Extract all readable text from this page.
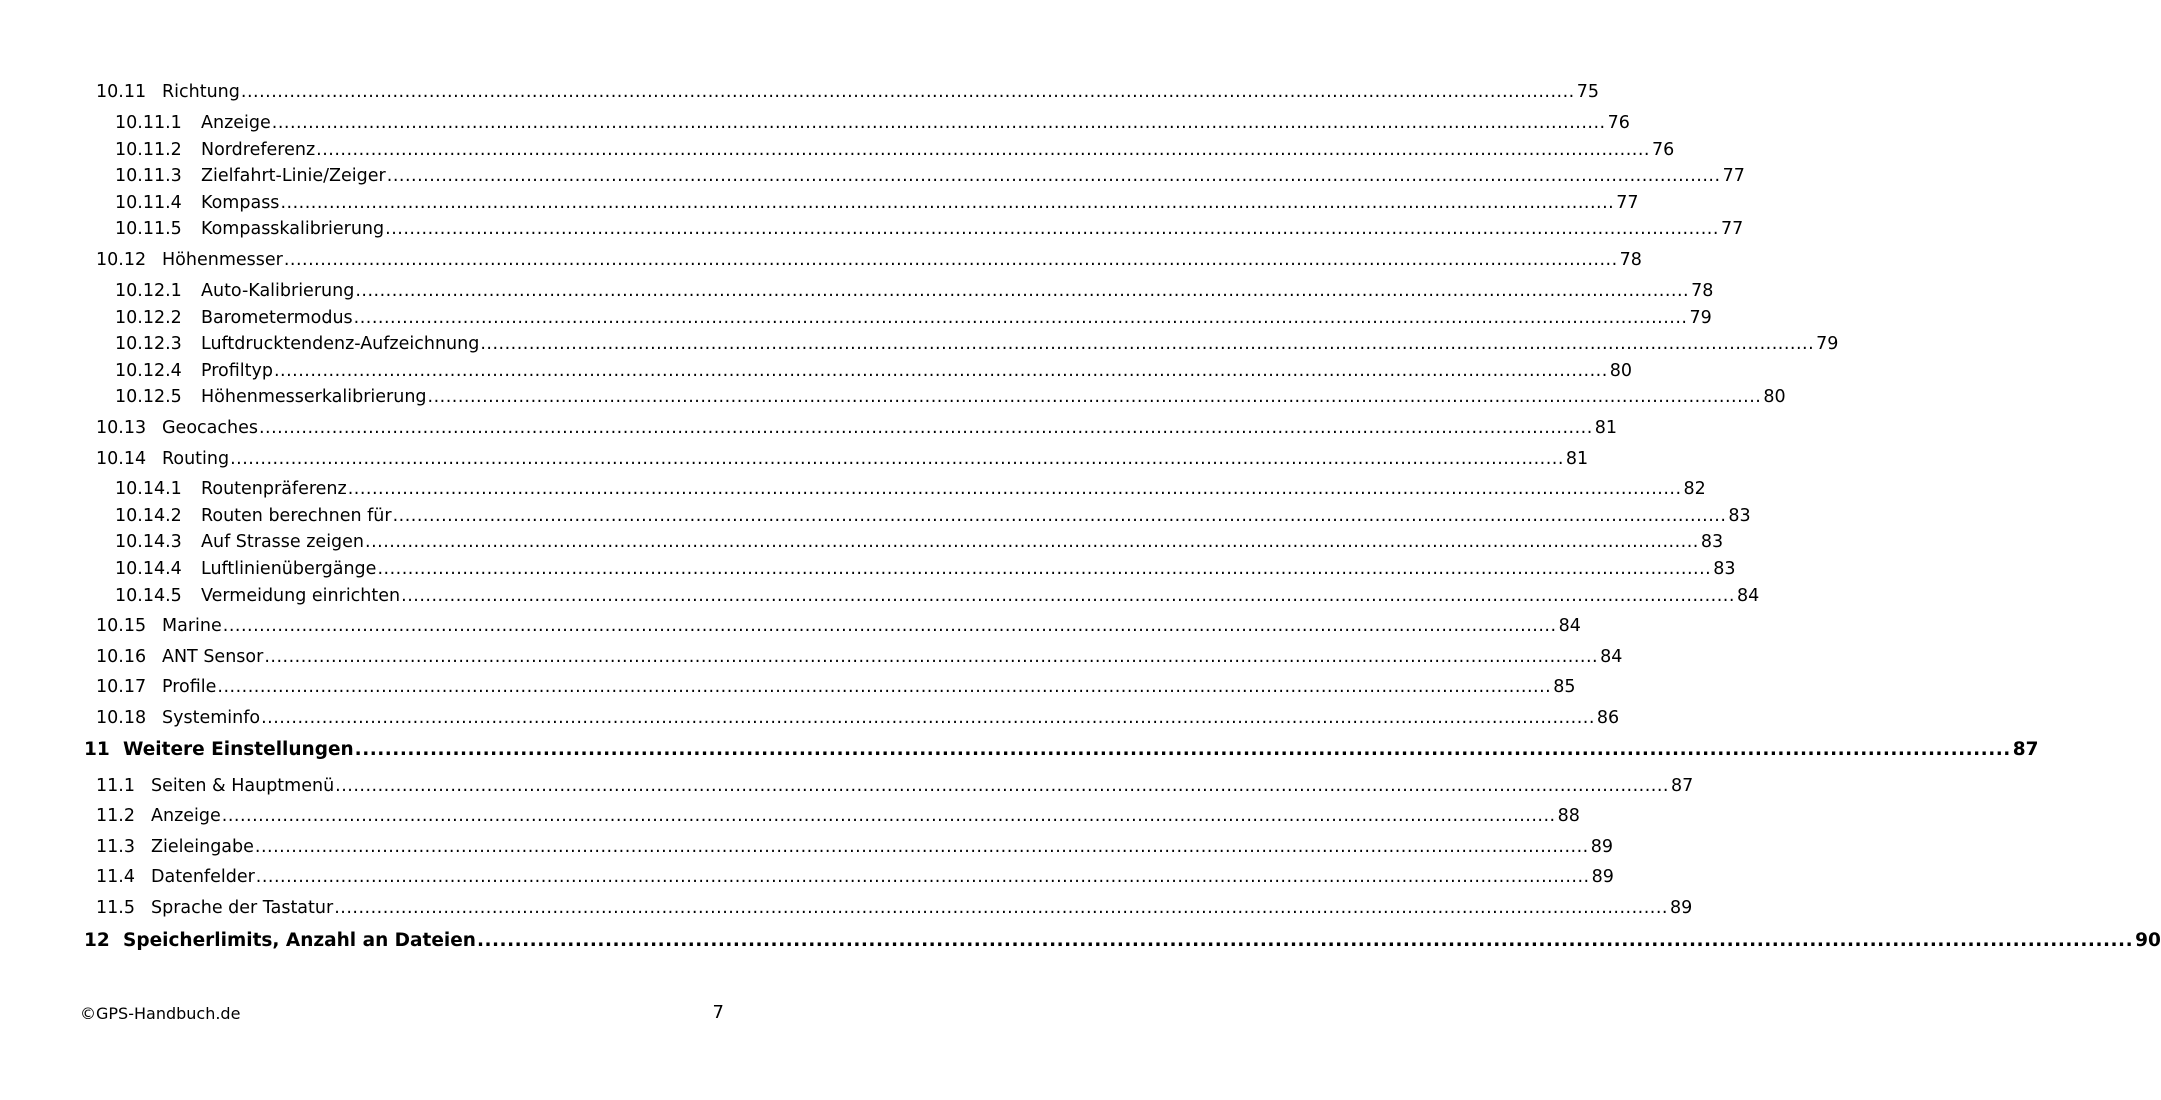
10.11 Richtung ............................................................................................................................................................................................................................ 75
10.11.1	Anzeige ............................................................................................................................................................................................................................ 76
10.11.2	Nordreferenz ............................................................................................................................................................................................................................ 76
10.11.3	Zielfahrt-Linie/Zeiger ............................................................................................................................................................................................................................ 77
10.11.4	Kompass ............................................................................................................................................................................................................................ 77
10.11.5	Kompasskalibrierung ............................................................................................................................................................................................................................ 77
10.12 Höhenmesser ............................................................................................................................................................................................................................ 78
10.12.1	Auto-Kalibrierung ............................................................................................................................................................................................................................ 78
10.12.2	Barometermodus ............................................................................................................................................................................................................................ 79
10.12.3	Luftdrucktendenz-Aufzeichnung ............................................................................................................................................................................................................................ 79
10.12.4	Profiltyp ............................................................................................................................................................................................................................ 80
10.12.5	Höhenmesserkalibrierung ............................................................................................................................................................................................................................ 80
10.13 Geocaches ............................................................................................................................................................................................................................ 81
10.14 Routing ............................................................................................................................................................................................................................ 81
10.14.1	Routenpräferenz ............................................................................................................................................................................................................................ 82
10.14.2	Routen berechnen für ............................................................................................................................................................................................................................ 83
10.14.3	Auf Strasse zeigen ............................................................................................................................................................................................................................ 83
10.14.4	Luftlinienübergänge ............................................................................................................................................................................................................................ 83
10.14.5	Vermeidung einrichten ............................................................................................................................................................................................................................ 84
10.15 Marine ............................................................................................................................................................................................................................ 84
10.16 ANT Sensor ............................................................................................................................................................................................................................ 84
10.17 Profile ............................................................................................................................................................................................................................ 85
10.18 Systeminfo ............................................................................................................................................................................................................................ 86
11 Weitere Einstellungen ............................................................................................................................................................................................................................ 87
11.1 Seiten & Hauptmenü ............................................................................................................................................................................................................................ 87
11.2 Anzeige ............................................................................................................................................................................................................................ 88
11.3 Zieleingabe ............................................................................................................................................................................................................................ 89
11.4 Datenfelder ............................................................................................................................................................................................................................ 89
11.5 Sprache der Tastatur ............................................................................................................................................................................................................................ 89
12 Speicherlimits, Anzahl an Dateien ............................................................................................................................................................................................................................ 90
©GPS-Handbuch.de	7
